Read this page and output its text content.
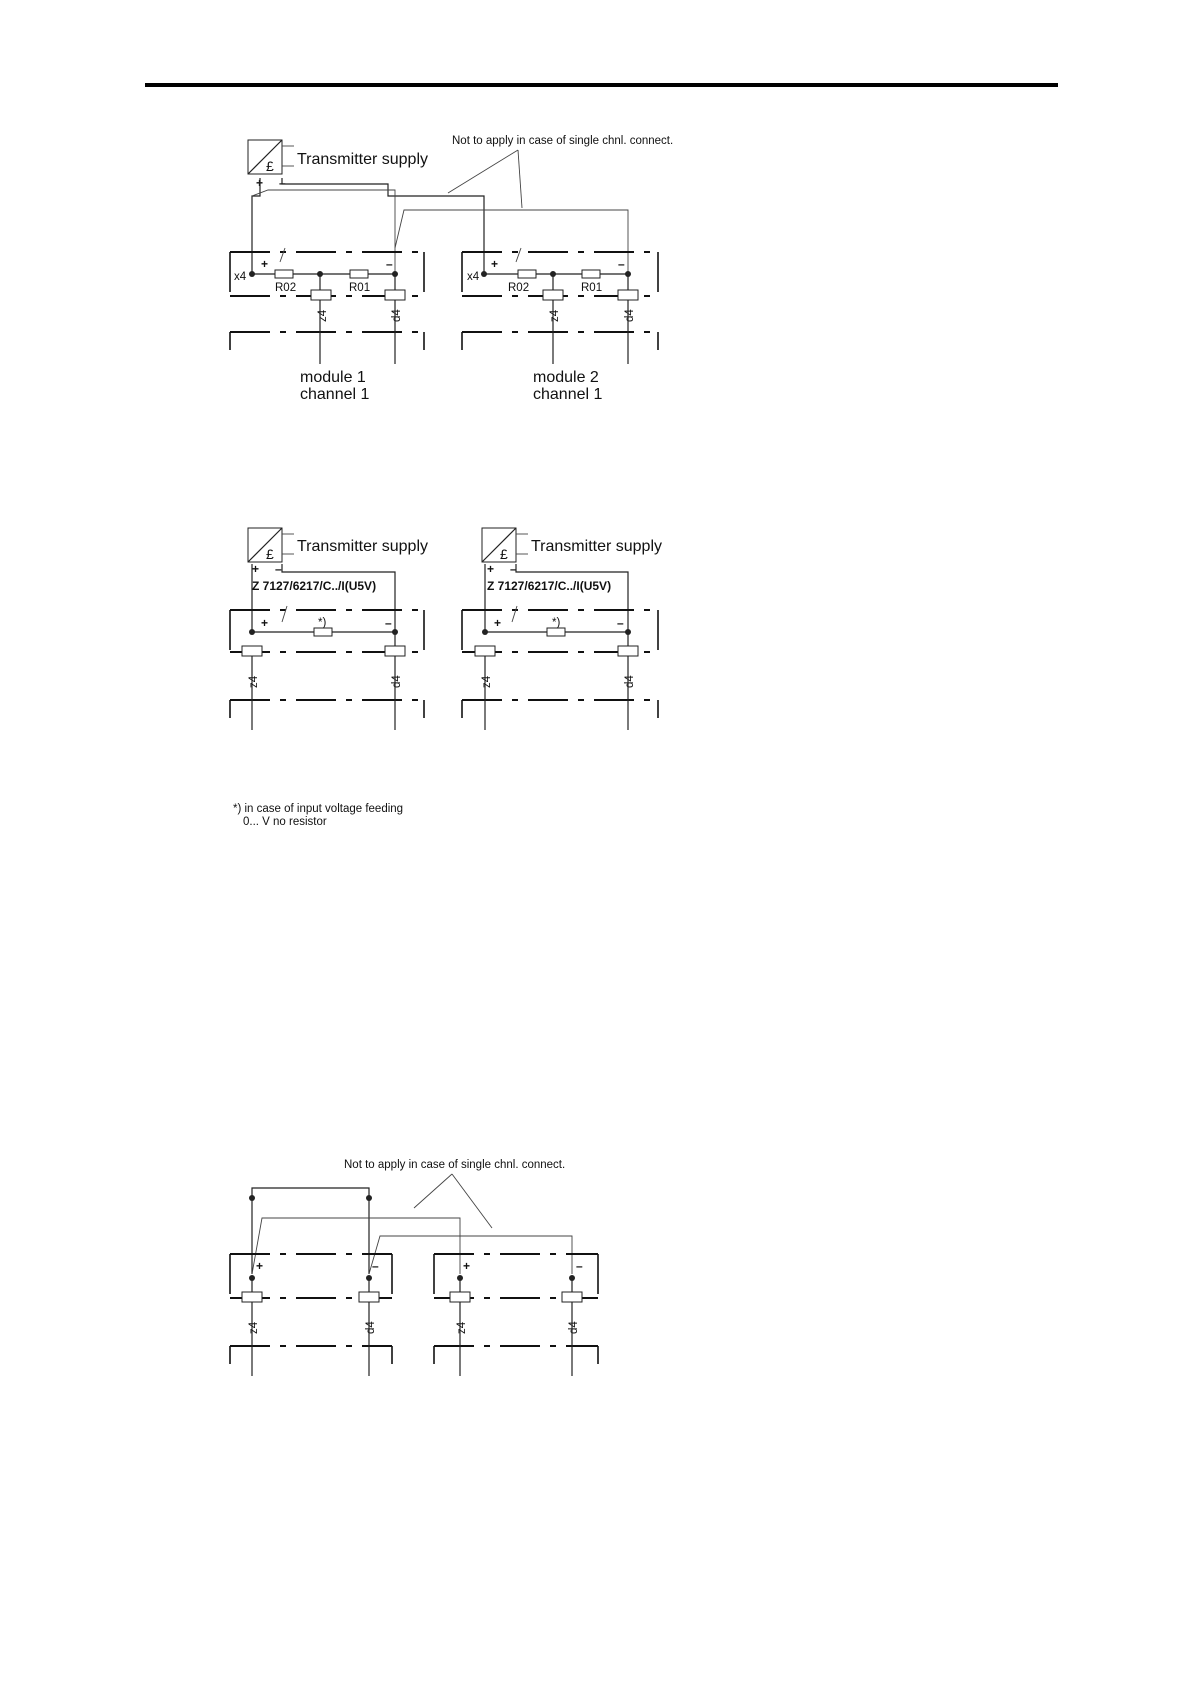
Not to apply in case of single chnl. connect.
£ Transmitter supply
+ –
+	–
x4
R02	R01
z4	d4
module 1
channel 1
+	–
x4
R02	R01
z4	d4
module 2
channel 1
£ Transmitter supply
+ –
Z 7127/6217/C../I(U5V)
+	–
*)
z4	d4
£ Transmitter supply
+ –
Z 7127/6217/C../I(U5V)
+	–
*)
z4	d4
*) in case of input voltage feeding
0... V no resistor
Not to apply in case of single chnl. connect.
+	–
z4	d4
+	–
z4	d4
